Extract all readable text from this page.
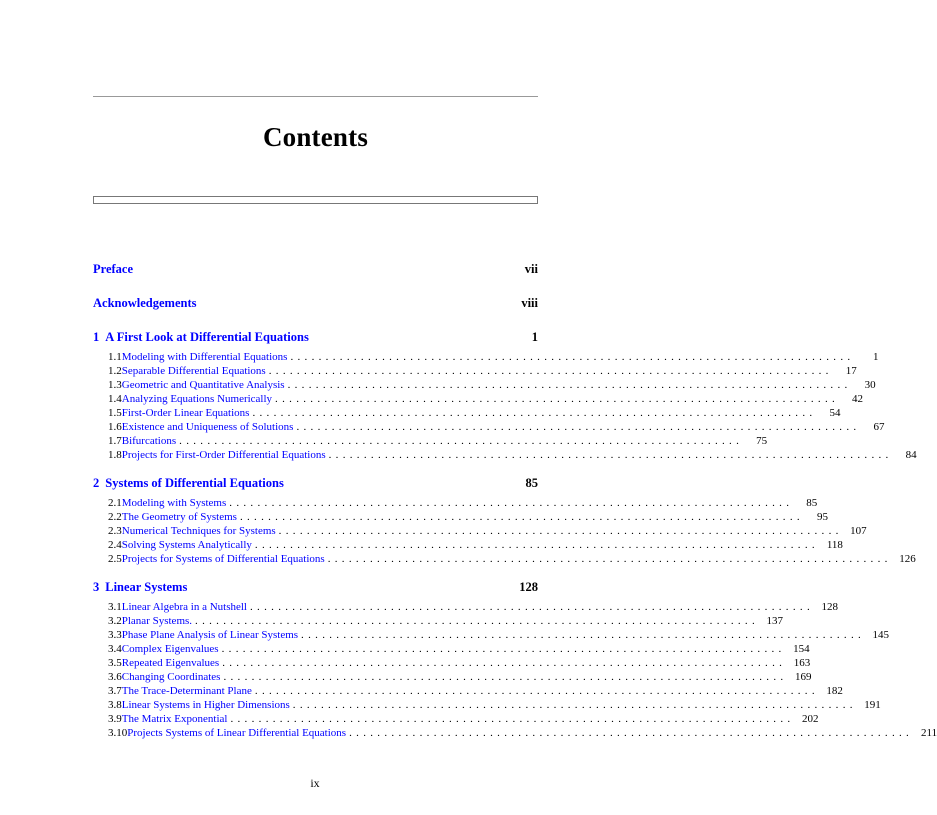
Contents
Preface	vii
Acknowledgements	viii
1 A First Look at Differential Equations	1
1.1 Modeling with Differential Equations ................................................................................	1
1.2 Separable Differential Equations ................................................................................	17
1.3 Geometric and Quantitative Analysis ................................................................................	30
1.4 Analyzing Equations Numerically ................................................................................	42
1.5 First-Order Linear Equations ................................................................................	54
1.6 Existence and Uniqueness of Solutions ................................................................................	67
1.7 Bifurcations ................................................................................	75
1.8 Projects for First-Order Differential Equations ................................................................................	84
2 Systems of Differential Equations	85
2.1 Modeling with Systems ................................................................................	85
2.2 The Geometry of Systems ................................................................................	95
2.3 Numerical Techniques for Systems ................................................................................ 107
2.4 Solving Systems Analytically ................................................................................ 118
2.5 Projects for Systems of Differential Equations ................................................................................ 126
3 Linear Systems	128
3.1 Linear Algebra in a Nutshell ................................................................................ 128
3.2 Planar Systems. ................................................................................ 137
3.3 Phase Plane Analysis of Linear Systems ................................................................................ 145
3.4 Complex Eigenvalues ................................................................................ 154
3.5 Repeated Eigenvalues ................................................................................ 163
3.6 Changing Coordinates ................................................................................ 169
3.7 The Trace-Determinant Plane ................................................................................ 182
3.8 Linear Systems in Higher Dimensions ................................................................................ 191
3.9 The Matrix Exponential ................................................................................ 202
3.10 Projects Systems of Linear Differential Equations ................................................................................ 211
ix
